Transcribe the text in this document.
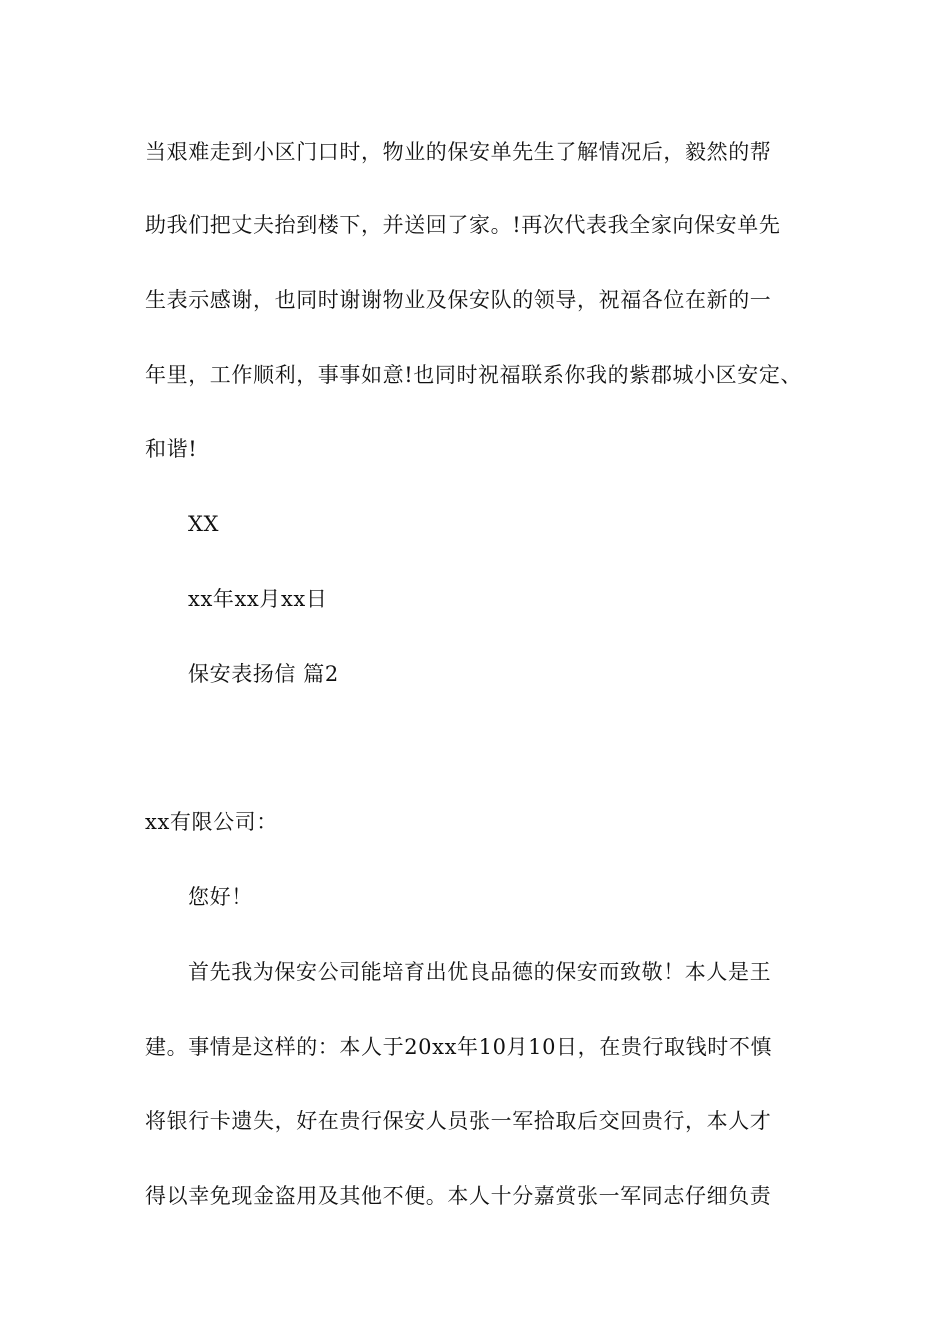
当艰难走到小区门口时，物业的保安单先生了解情况后，毅然的帮
助我们把丈夫抬到楼下，并送回了家。!再次代表我全家向保安单先
生表示感谢，也同时谢谢物业及保安队的领导，祝福各位在新的一
年里，工作顺利，事事如意!也同时祝福联系你我的紫郡城小区安定、
和谐!
XX
xx年xx月xx日
保安表扬信 篇2
xx有限公司：
您好！
首先我为保安公司能培育出优良品德的保安而致敬！本人是王
建。事情是这样的：本人于20xx年10月10日，在贵行取钱时不慎
将银行卡遗失，好在贵行保安人员张一军拾取后交回贵行，本人才
得以幸免现金盗用及其他不便。本人十分嘉赏张一军同志仔细负责
